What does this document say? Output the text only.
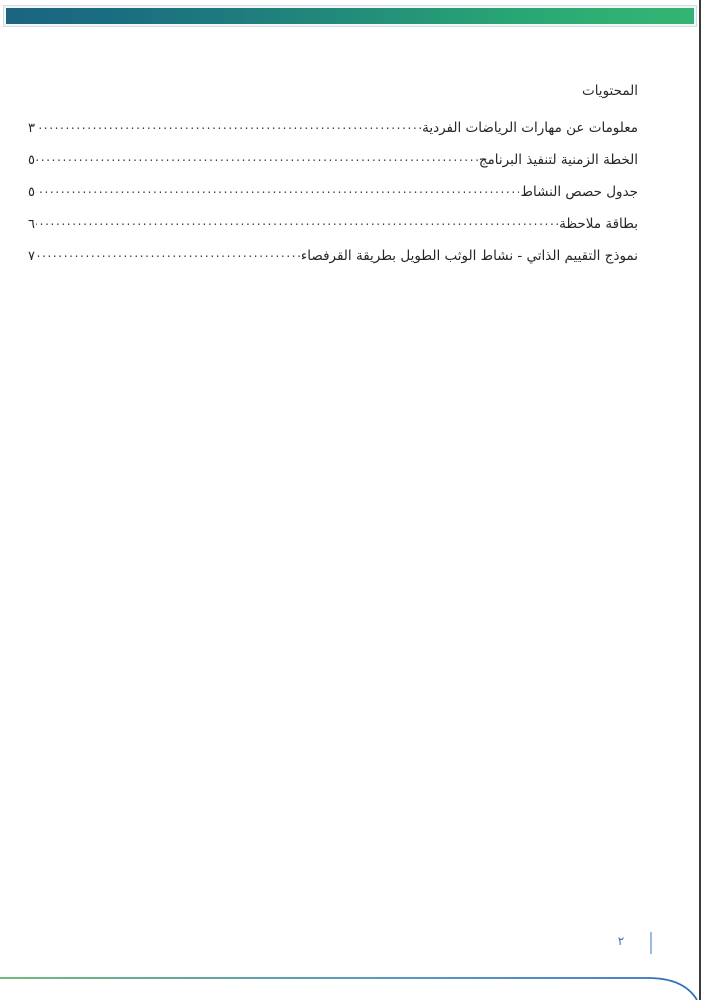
المحتويات
معلومات عن مهارات الرياضات الفردية
. . .
٣
الخطة الزمنية لتنفيذ البرنامج
. . .
٥
جدول حصص النشاط
. . .
٥
بطاقة ملاحظة
. . .
٦
نموذج التقييم الذاتي - نشاط الوثب الطويل بطريقة القرفصاء
. . .
٧
٢
